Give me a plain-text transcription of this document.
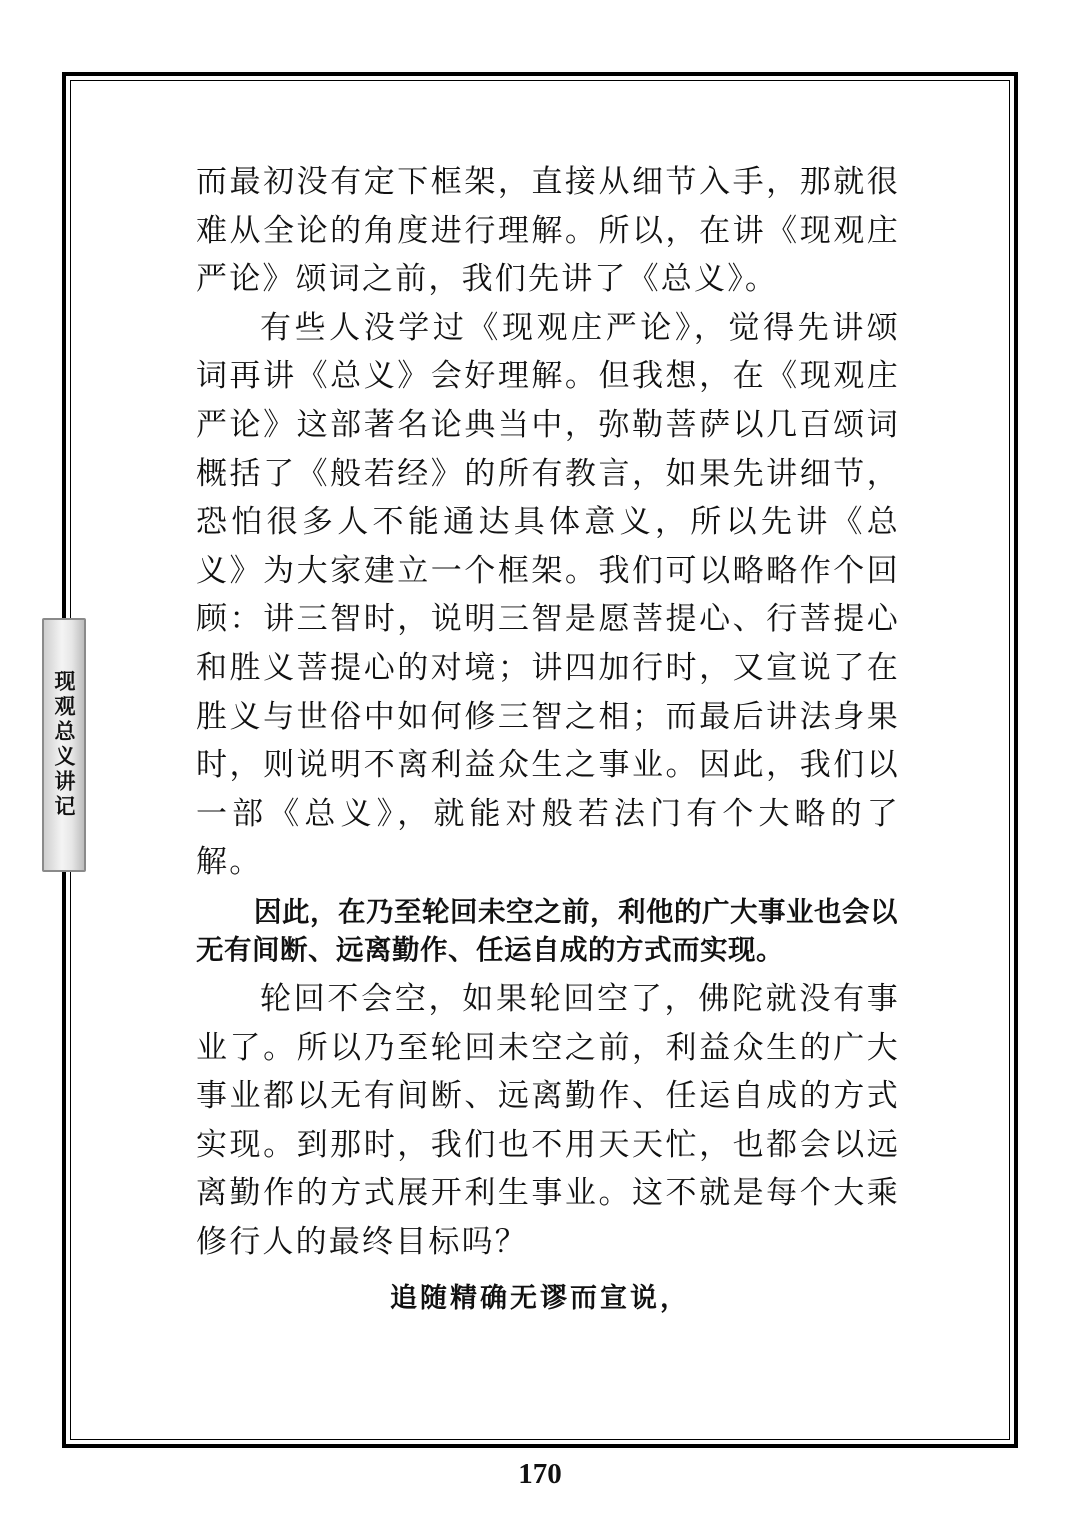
现观总义讲记

而最初没有定下框架，直接从细节入手，那就很难从全论的角度进行理解。所以，在讲《现观庄严论》颂词之前，我们先讲了《总义》。

有些人没学过《现观庄严论》，觉得先讲颂词再讲《总义》会好理解。但我想，在《现观庄严论》这部著名论典当中，弥勒菩萨以几百颂词概括了《般若经》的所有教言，如果先讲细节，恐怕很多人不能通达具体意义，所以先讲《总义》为大家建立一个框架。我们可以略略作个回顾：讲三智时，说明三智是愿菩提心、行菩提心和胜义菩提心的对境；讲四加行时，又宣说了在胜义与世俗中如何修三智之相；而最后讲法身果时，则说明不离利益众生之事业。因此，我们以一部《总义》，就能对般若法门有个大略的了解。

因此，在乃至轮回未空之前，利他的广大事业也会以无有间断、远离勤作、任运自成的方式而实现。

轮回不会空，如果轮回空了，佛陀就没有事业了。所以乃至轮回未空之前，利益众生的广大事业都以无有间断、远离勤作、任运自成的方式实现。到那时，我们也不用天天忙，也都会以远离勤作的方式展开利生事业。这不就是每个大乘修行人的最终目标吗？

追随精确无谬而宣说，
170
